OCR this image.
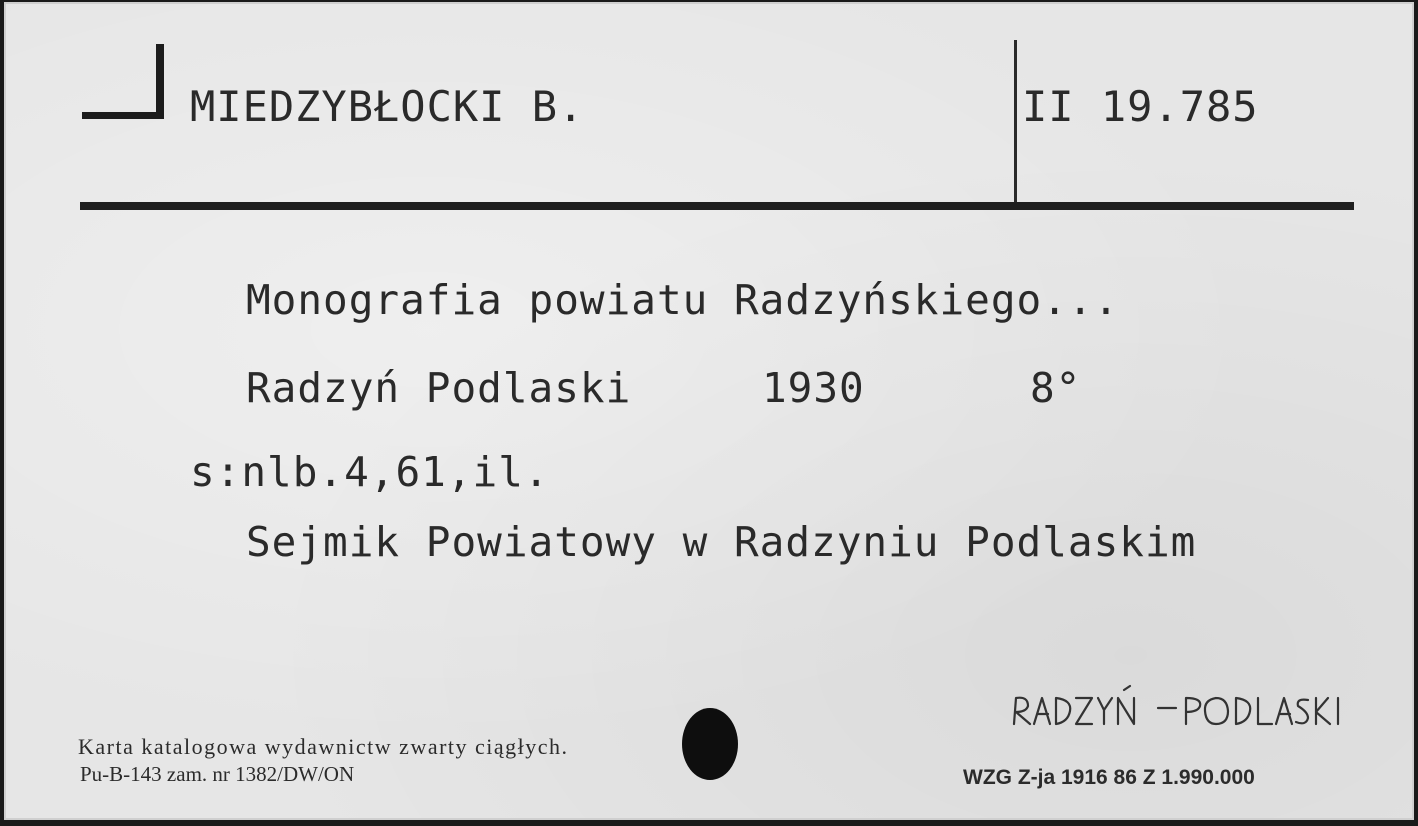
MIEDZYBŁOCKI B.	II 19.785
Monografia powiatu Radzyńskiego...
Radzyń Podlaski	1930	8°
s:nlb.4,61,il.
Sejmik Powiatowy w Radzyniu Podlaskim
Karta katalogowa wydawnictw zwarty ciągłych.
Pu-B-143 zam. nr 1382/DW/ON	WZG Z-ja 1916 86 Z 1.990.000
